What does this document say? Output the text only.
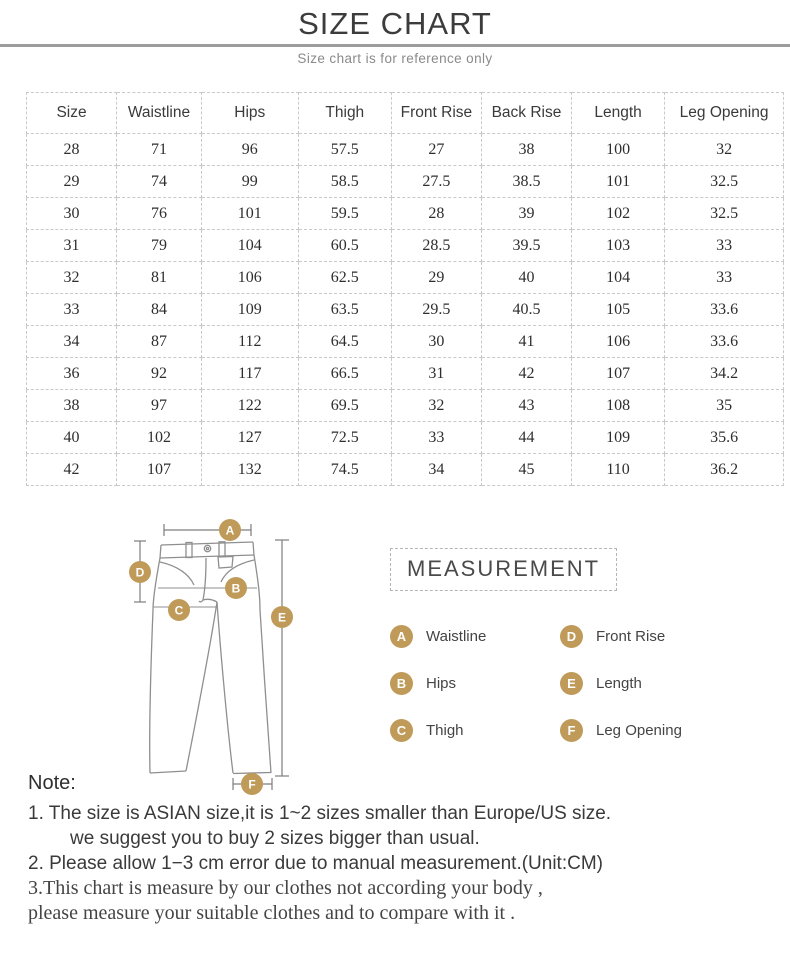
SIZE CHART
Size chart is for reference only
Size	Waistline	Hips	Thigh	Front Rise	Back Rise	Length	Leg Opening
28	71	96	57.5	27	38	100	32
29	74	99	58.5	27.5	38.5	101	32.5
30	76	101	59.5	28	39	102	32.5
31	79	104	60.5	28.5	39.5	103	33
32	81	106	62.5	29	40	104	33
33	84	109	63.5	29.5	40.5	105	33.6
34	87	112	64.5	30	41	106	33.6
36	92	117	66.5	31	42	107	34.2
38	97	122	69.5	32	43	108	35
40	102	127	72.5	33	44	109	35.6
42	107	132	74.5	34	45	110	36.2
A
B
C
D
E
F
MEASUREMENT
A	Waistline
B	Hips
C	Thigh
D	Front Rise
E	Length
F	Leg Opening
Note:
1. The size is ASIAN size,it is 1~2 sizes smaller than Europe/US size.
we suggest you to buy 2 sizes bigger than usual.
2. Please allow 1−3 cm error due to manual measurement.(Unit:CM)
3.This chart is measure by our clothes not according your body ,
please measure your suitable clothes and to compare with it .
